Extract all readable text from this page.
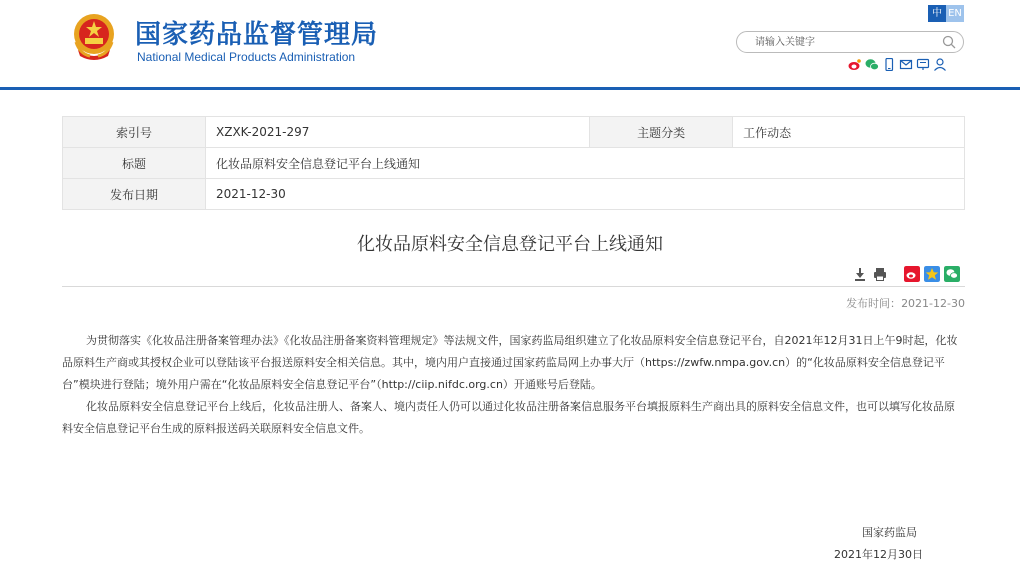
国家药品监督管理局
National Medical Products Administration
中 EN
请输入关键字
索引号	XZXK-2021-297	主题分类	工作动态
标题	化妆品原料安全信息登记平台上线通知		
发布日期	2021-12-30		
化妆品原料安全信息登记平台上线通知
发布时间：2021-12-30

为贯彻落实《化妆品注册备案管理办法》《化妆品注册备案资料管理规定》等法规文件，国家药监局组织建立了化妆品原料安全信息登记平台，自2021年12月31日上午9时起，化妆品原料生产商或其授权企业可以登陆该平台报送原料安全相关信息。其中，境内用户直接通过国家药监局网上办事大厅（https://zwfw.nmpa.gov.cn）的“化妆品原料安全信息登记平台”模块进行登陆；境外用户需在“化妆品原料安全信息登记平台”（http://ciip.nifdc.org.cn）开通账号后登陆。

化妆品原料安全信息登记平台上线后，化妆品注册人、备案人、境内责任人仍可以通过化妆品注册备案信息服务平台填报原料生产商出具的原料安全信息文件，也可以填写化妆品原料安全信息登记平台生成的原料报送码关联原料安全信息文件。

国家药监局
2021年12月30日
